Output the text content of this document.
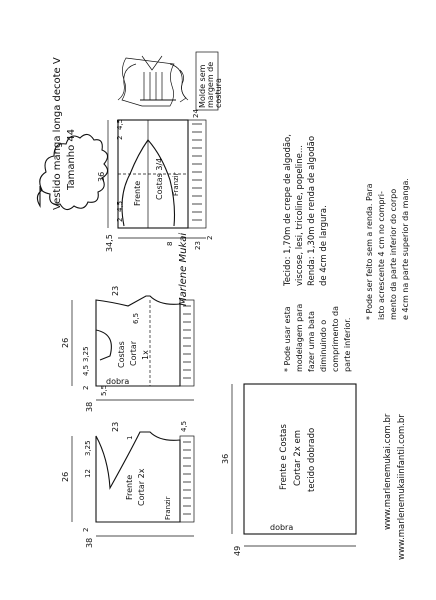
Vestido manga longa decote V Tamanho 44
Molde sem margem de costura
Costas 3/4
Frente	Franzir
36
2
4,5
2
4,5
24
34,5	8
2
23	Tecido: 1,70m de crepe de algodão, viscose, lesi, tricoline, popeline... Renda: 1,30m de renda de algodão de 4cm de largura.	* Pode ser feito sem a renda. Para isto acrescente 4 cm no compri- mento da parte inferior do corpo e 4cm na parte superior da manga.
Marlene Mukai
Costas Cortar 1x
dobra
26
23
6,5
3,25
4,5
2 5,5
38
* Pode usar esta modelagem para fazer uma bata diminuindo o comprimento da parte inferior.
Frente Cortar 2x
Franzir
26 12
3,25
23
1
4,5
2
38
Frente e Costas Cortar 2x em tecido dobrado
dobra
36
49
www.marlenemukai.com.br www.marlenemukaiinfantil.com.br
